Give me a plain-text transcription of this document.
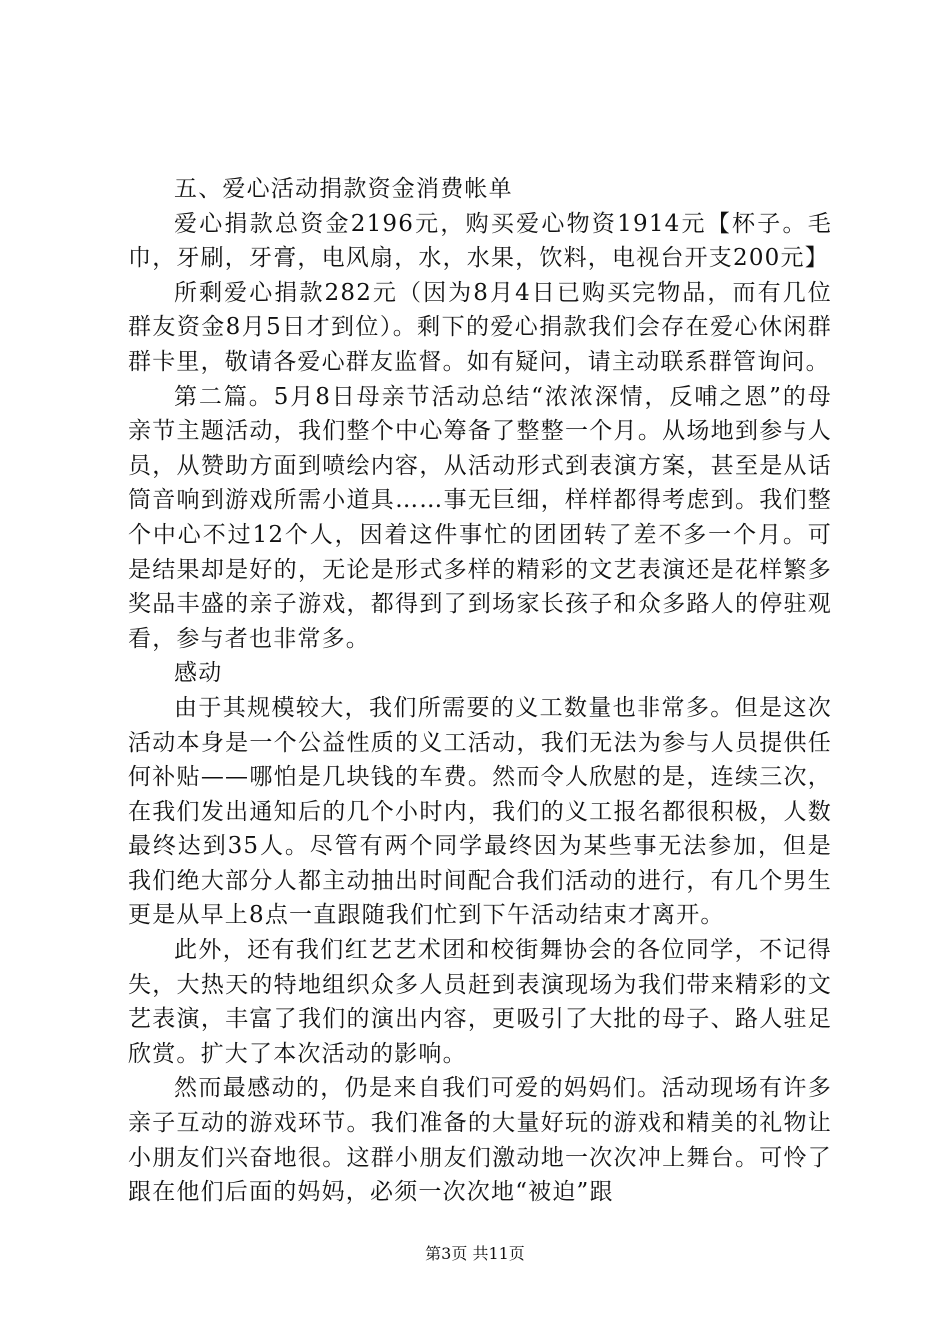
五、爱心活动捐款资金消费帐单

爱心捐款总资金2196元，购买爱心物资1914元【杯子。毛巾，牙刷，牙膏，电风扇，水，水果，饮料，电视台开支200元】

所剩爱心捐款282元（因为8月4日已购买完物品，而有几位群友资金8月5日才到位）。剩下的爱心捐款我们会存在爱心休闲群群卡里，敬请各爱心群友监督。如有疑问，请主动联系群管询问。

第二篇。5月8日母亲节活动总结“浓浓深情，反哺之恩”的母亲节主题活动，我们整个中心筹备了整整一个月。从场地到参与人员，从赞助方面到喷绘内容，从活动形式到表演方案，甚至是从话筒音响到游戏所需小道具……事无巨细，样样都得考虑到。我们整个中心不过12个人，因着这件事忙的团团转了差不多一个月。可是结果却是好的，无论是形式多样的精彩的文艺表演还是花样繁多奖品丰盛的亲子游戏，都得到了到场家长孩子和众多路人的停驻观看，参与者也非常多。

感动

由于其规模较大，我们所需要的义工数量也非常多。但是这次活动本身是一个公益性质的义工活动，我们无法为参与人员提供任何补贴——哪怕是几块钱的车费。然而令人欣慰的是，连续三次，在我们发出通知后的几个小时内，我们的义工报名都很积极，人数最终达到35人。尽管有两个同学最终因为某些事无法参加，但是我们绝大部分人都主动抽出时间配合我们活动的进行，有几个男生更是从早上8点一直跟随我们忙到下午活动结束才离开。

此外，还有我们红艺艺术团和校街舞协会的各位同学，不记得失，大热天的特地组织众多人员赶到表演现场为我们带来精彩的文艺表演，丰富了我们的演出内容，更吸引了大批的母子、路人驻足欣赏。扩大了本次活动的影响。

然而最感动的，仍是来自我们可爱的妈妈们。活动现场有许多亲子互动的游戏环节。我们准备的大量好玩的游戏和精美的礼物让小朋友们兴奋地很。这群小朋友们激动地一次次冲上舞台。可怜了跟在他们后面的妈妈，必须一次次地“被迫”跟

第3页 共11页
